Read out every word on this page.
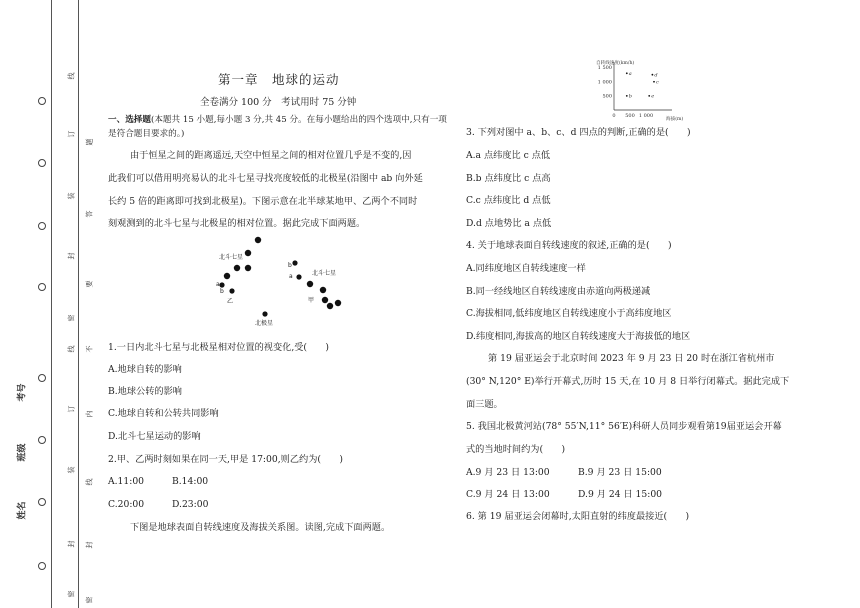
线
订
装
封
密
线
订
装
封
密
题
答
要
不
内
线
封
密
考号
班级
姓名
第一章　地球的运动
全卷满分 100 分　考试用时 75 分钟
一、选择题(本题共 15 小题,每小题 3 分,共 45 分。在每小题给出的四个选项中,只有一项
是符合题目要求的。)
由于恒星之间的距离遥远,天空中恒星之间的相对位置几乎是不变的,因
此我们可以借用明亮易认的北斗七星寻找亮度较低的北极星(沿图中 ab 向外延
长约 5 倍的距离即可找到北极星)。下图示意在北半球某地甲、乙两个不同时
刻观测到的北斗七星与北极星的相对位置。据此完成下面两题。
北斗七星
北斗七星
北极星
乙	甲
a
b
b
a
1.一日内北斗七星与北极星相对位置的视变化,受(　　)
A.地球自转的影响
B.地球公转的影响
C.地球自转和公转共同影响
D.北斗七星运动的影响
2.甲、乙两时刻如果在同一天,甲是 17:00,则乙约为(　　)
A.11:00	B.14:00
C.20:00	D.23:00
下图是地球表面自转线速度及海拔关系图。读图,完成下面两题。
自转线速度(km/h)
海拔(m)
1 500
1 000
500
0 500 1 000
a	d
c
b	e
3. 下列对图中 a、b、c、d 四点的判断,正确的是(　　)
A.a 点纬度比 c 点低
B.b 点纬度比 c 点高
C.c 点纬度比 d 点低
D.d 点地势比 a 点低
4. 关于地球表面自转线速度的叙述,正确的是(　　)
A.同纬度地区自转线速度一样
B.同一经线地区自转线速度由赤道向两极递减
C.海拔相同,低纬度地区自转线速度小于高纬度地区
D.纬度相同,海拔高的地区自转线速度大于海拔低的地区
第 19 届亚运会于北京时间 2023 年 9 月 23 日 20 时在浙江省杭州市
(30° N,120° E)举行开幕式,历时 15 天,在 10 月 8 日举行闭幕式。据此完成下
面三题。
5. 我国北极黄河站(78° 55′N,11° 56′E)科研人员同步观看第19届亚运会开幕
式的当地时间约为(　　)
A.9 月 23 日 13:00	B.9 月 23 日 15:00
C.9 月 24 日 13:00	D.9 月 24 日 15:00
6. 第 19 届亚运会闭幕时,太阳直射的纬度最接近(　　)
